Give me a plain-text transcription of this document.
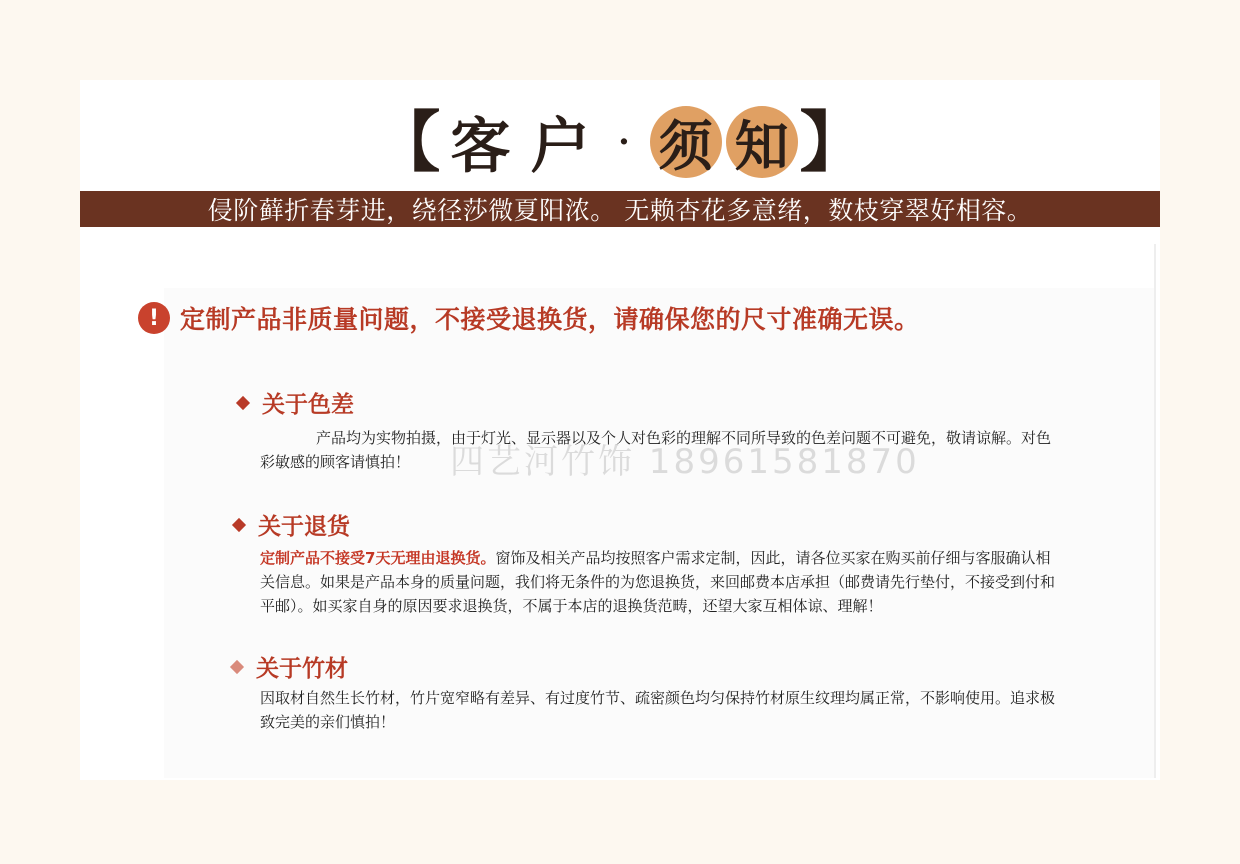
【 客 户 · 须 知 】
侵阶藓折春芽进，绕径莎微夏阳浓。 无赖杏花多意绪，数枝穿翠好相容。
! 定制产品非质量问题，不接受退换货，请确保您的尺寸准确无误。
四艺河竹饰 18961581870
关于色差
产品均为实物拍摄，由于灯光、显示器以及个人对色彩的理解不同所导致的色差问题不可避免，敬请谅解。对色彩敏感的顾客请慎拍！
关于退货
定制产品不接受7天无理由退换货。窗饰及相关产品均按照客户需求定制，因此，请各位买家在购买前仔细与客服确认相关信息。如果是产品本身的质量问题，我们将无条件的为您退换货，来回邮费本店承担（邮费请先行垫付，不接受到付和平邮）。如买家自身的原因要求退换货，不属于本店的退换货范畴，还望大家互相体谅、理解！
关于竹材
因取材自然生长竹材，竹片宽窄略有差异、有过度竹节、疏密颜色均匀保持竹材原生纹理均属正常，不影响使用。追求极致完美的亲们慎拍！
